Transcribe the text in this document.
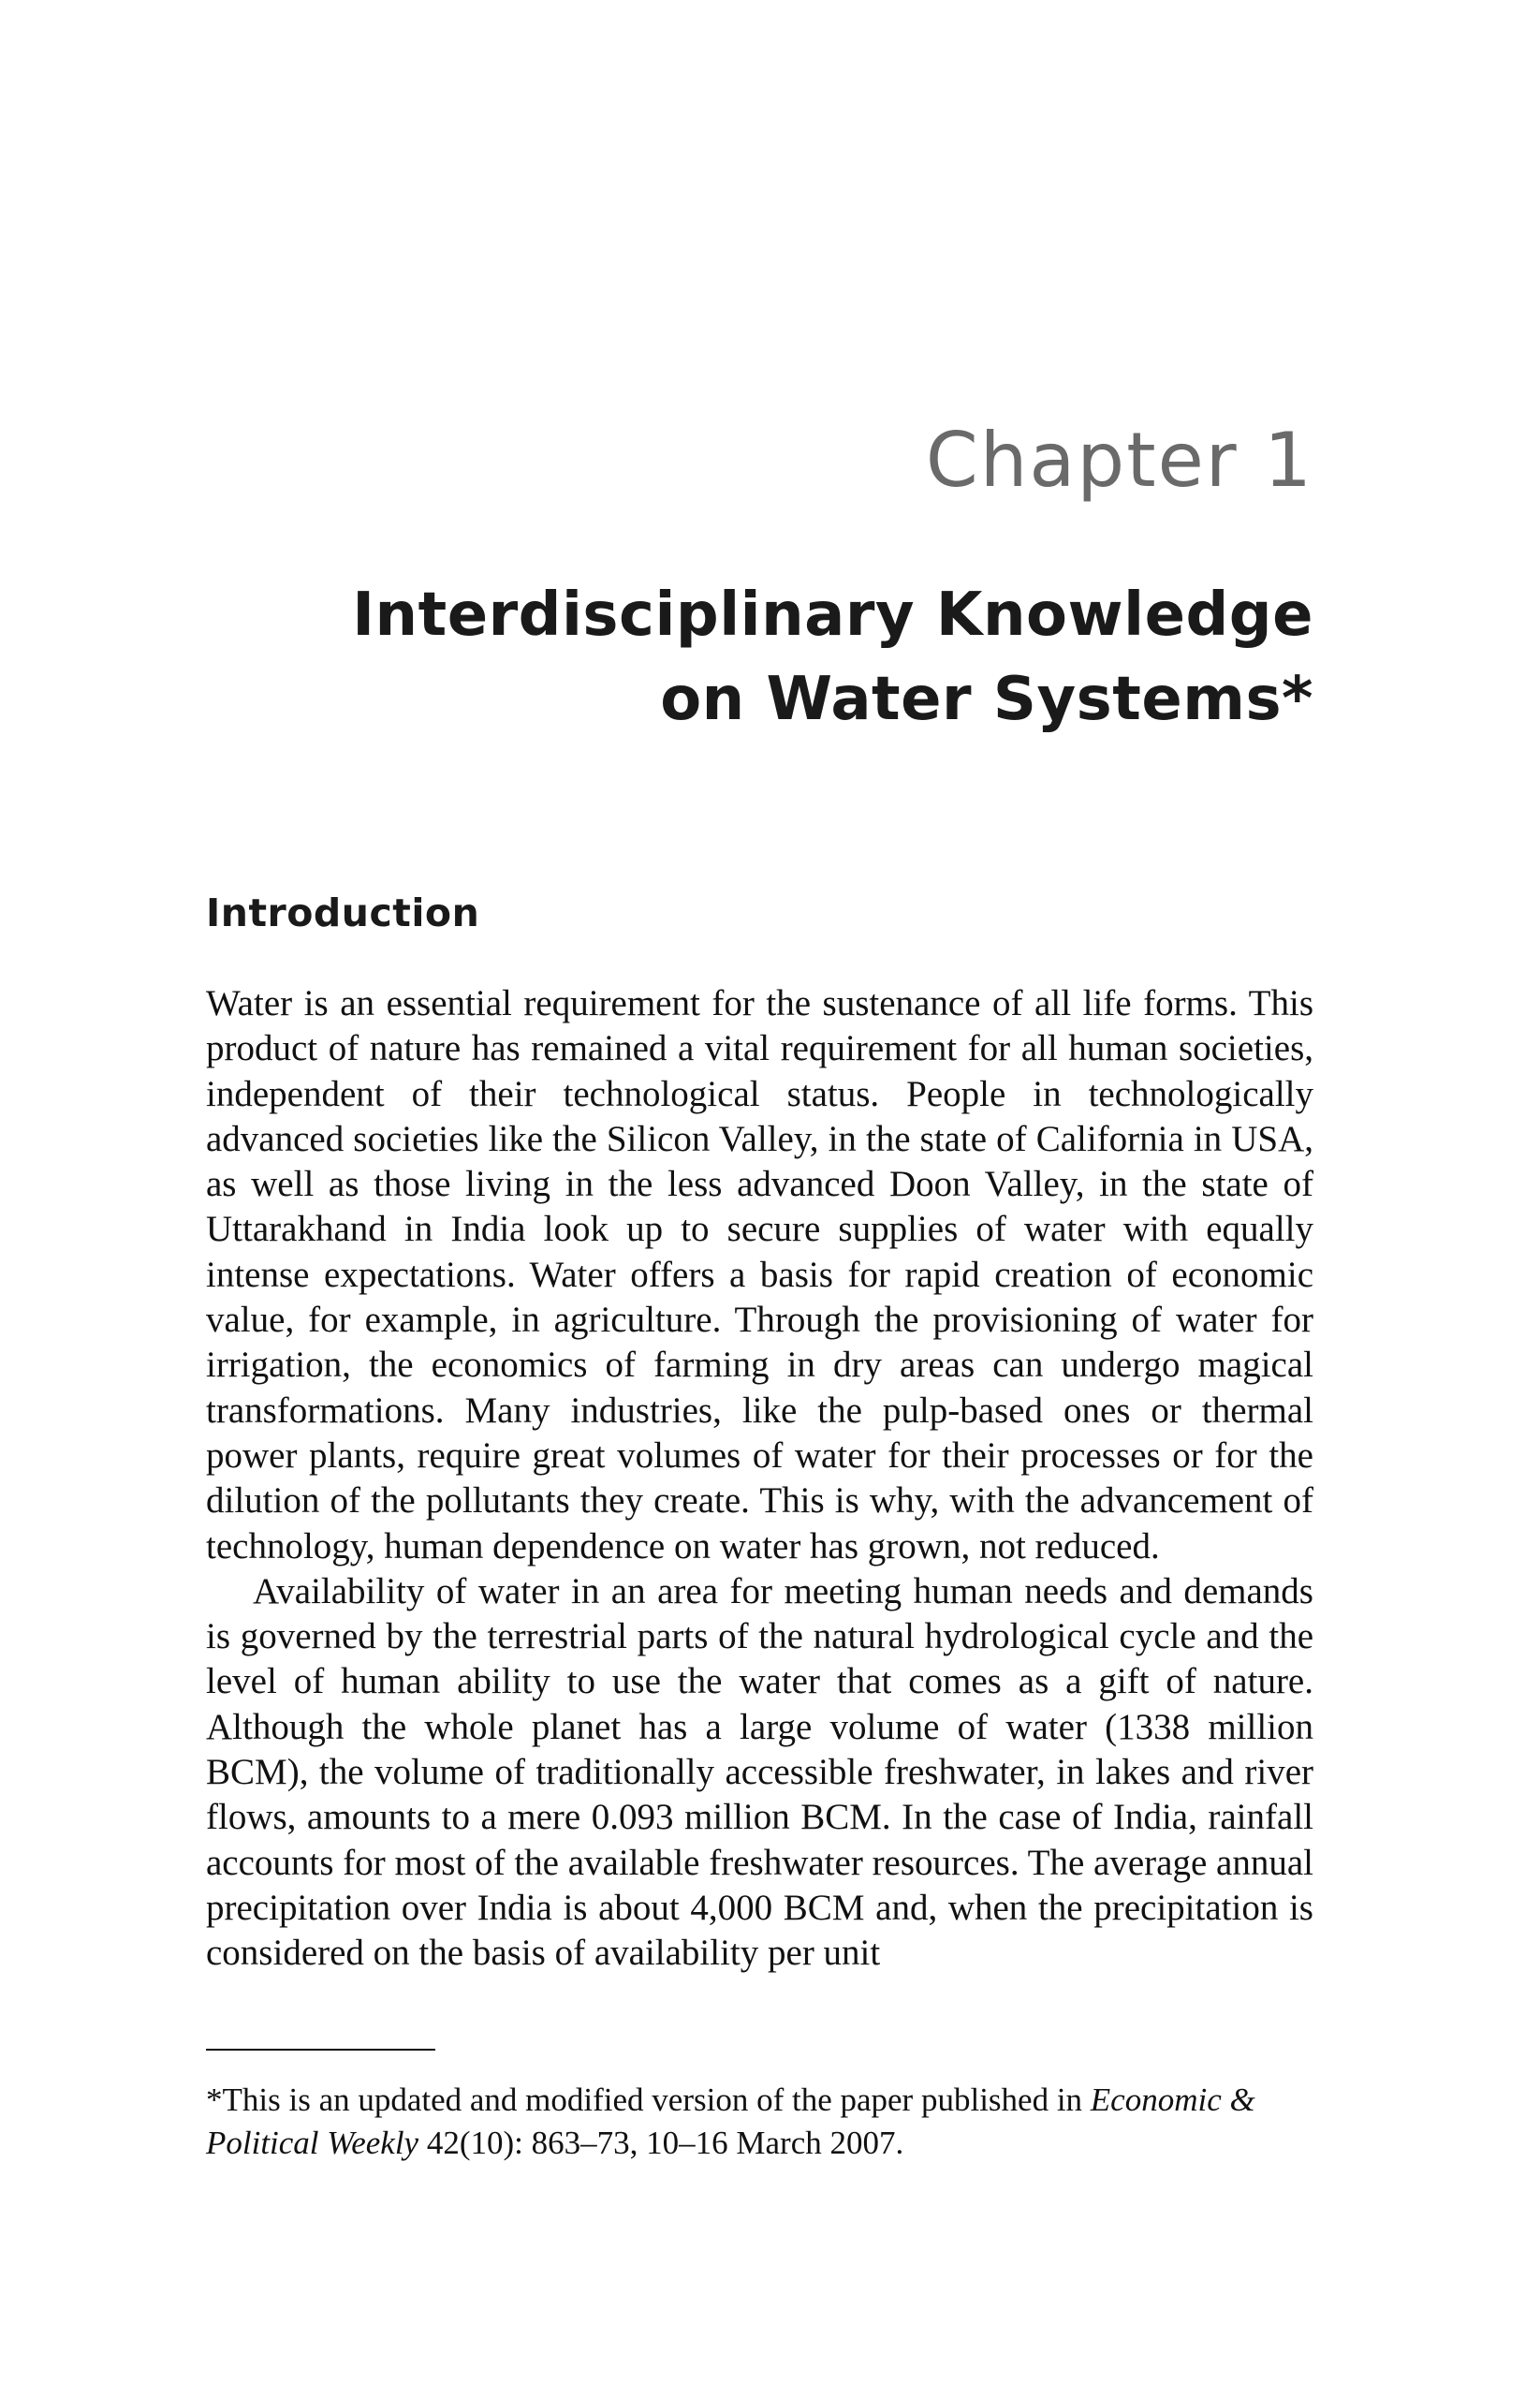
Chapter 1
Interdisciplinary Knowledge
on Water Systems*
Introduction

Water is an essential requirement for the sustenance of all life forms. This product of nature has remained a vital requirement for all human societies, independent of their technological status. People in technologically advanced societies like the Silicon Valley, in the state of California in USA, as well as those living in the less advanced Doon Valley, in the state of Uttarakhand in India look up to secure supplies of water with equally intense expectations. Water offers a basis for rapid creation of economic value, for example, in agriculture. Through the provisioning of water for irrigation, the economics of farming in dry areas can undergo magical transformations. Many industries, like the pulp-based ones or thermal power plants, require great volumes of water for their processes or for the dilution of the pollutants they create. This is why, with the advancement of technology, human dependence on water has grown, not reduced.

Availability of water in an area for meeting human needs and demands is governed by the terrestrial parts of the natural hydrological cycle and the level of human ability to use the water that comes as a gift of nature. Although the whole planet has a large volume of water (1338 million BCM), the volume of traditionally accessible freshwater, in lakes and river flows, amounts to a mere 0.093 million BCM. In the case of India, rainfall accounts for most of the available freshwater resources. The average annual precipitation over India is about 4,000 BCM and, when the precipitation is considered on the basis of availability per unit

*This is an updated and modified version of the paper published in Economic & Political Weekly 42(10): 863–73, 10–16 March 2007.
